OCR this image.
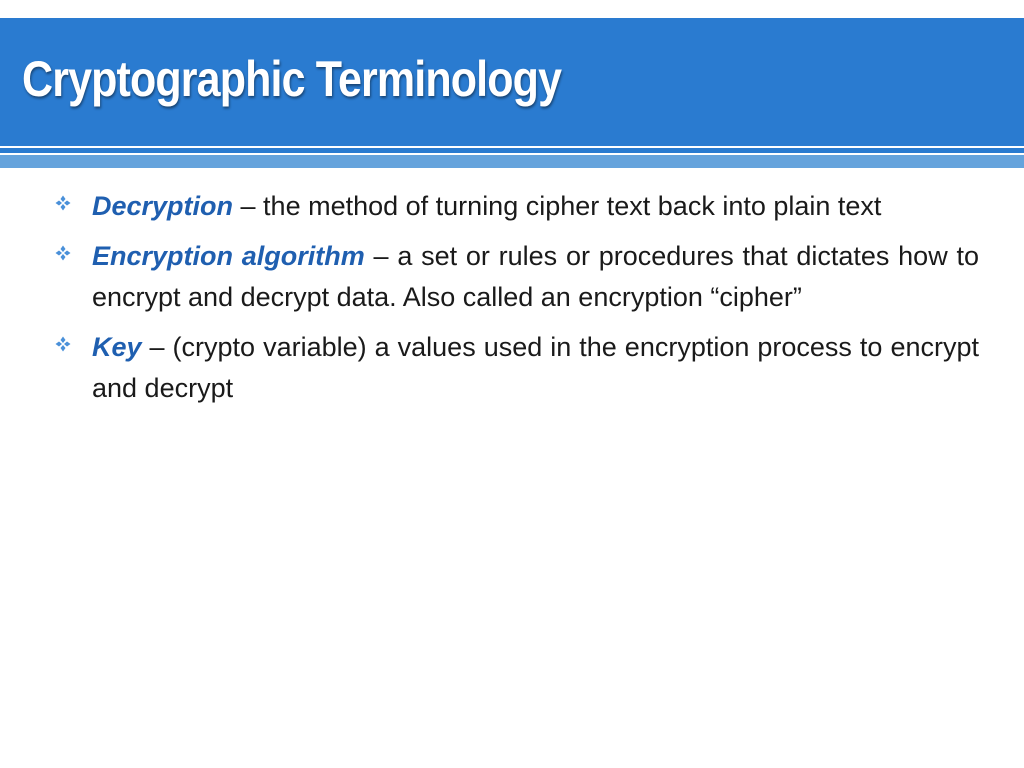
Cryptographic Terminology
Decryption – the method of turning cipher text back into plain text
Encryption algorithm – a set or rules or procedures that dictates how to encrypt and decrypt data. Also called an encryption “cipher”
Key – (crypto variable) a values used in the encryption process to encrypt and decrypt
